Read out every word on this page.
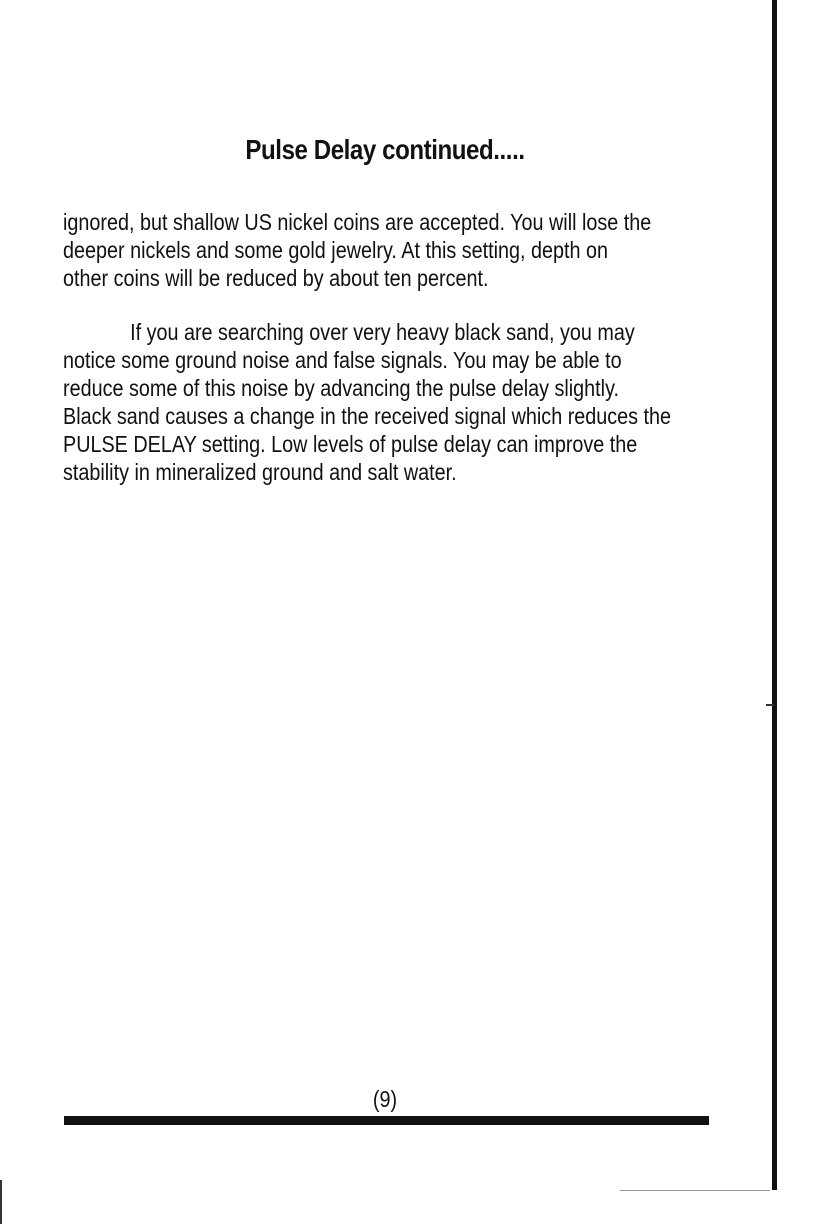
Pulse Delay continued.....

ignored, but shallow US nickel coins are accepted. You will lose the
deeper nickels and some gold jewelry. At this setting, depth on
other coins will be reduced by about ten percent.

If you are searching over very heavy black sand, you may
notice some ground noise and false signals. You may be able to
reduce some of this noise by advancing the pulse delay slightly.
Black sand causes a change in the received signal which reduces the
PULSE DELAY setting. Low levels of pulse delay can improve the
stability in mineralized ground and salt water.

(9)
